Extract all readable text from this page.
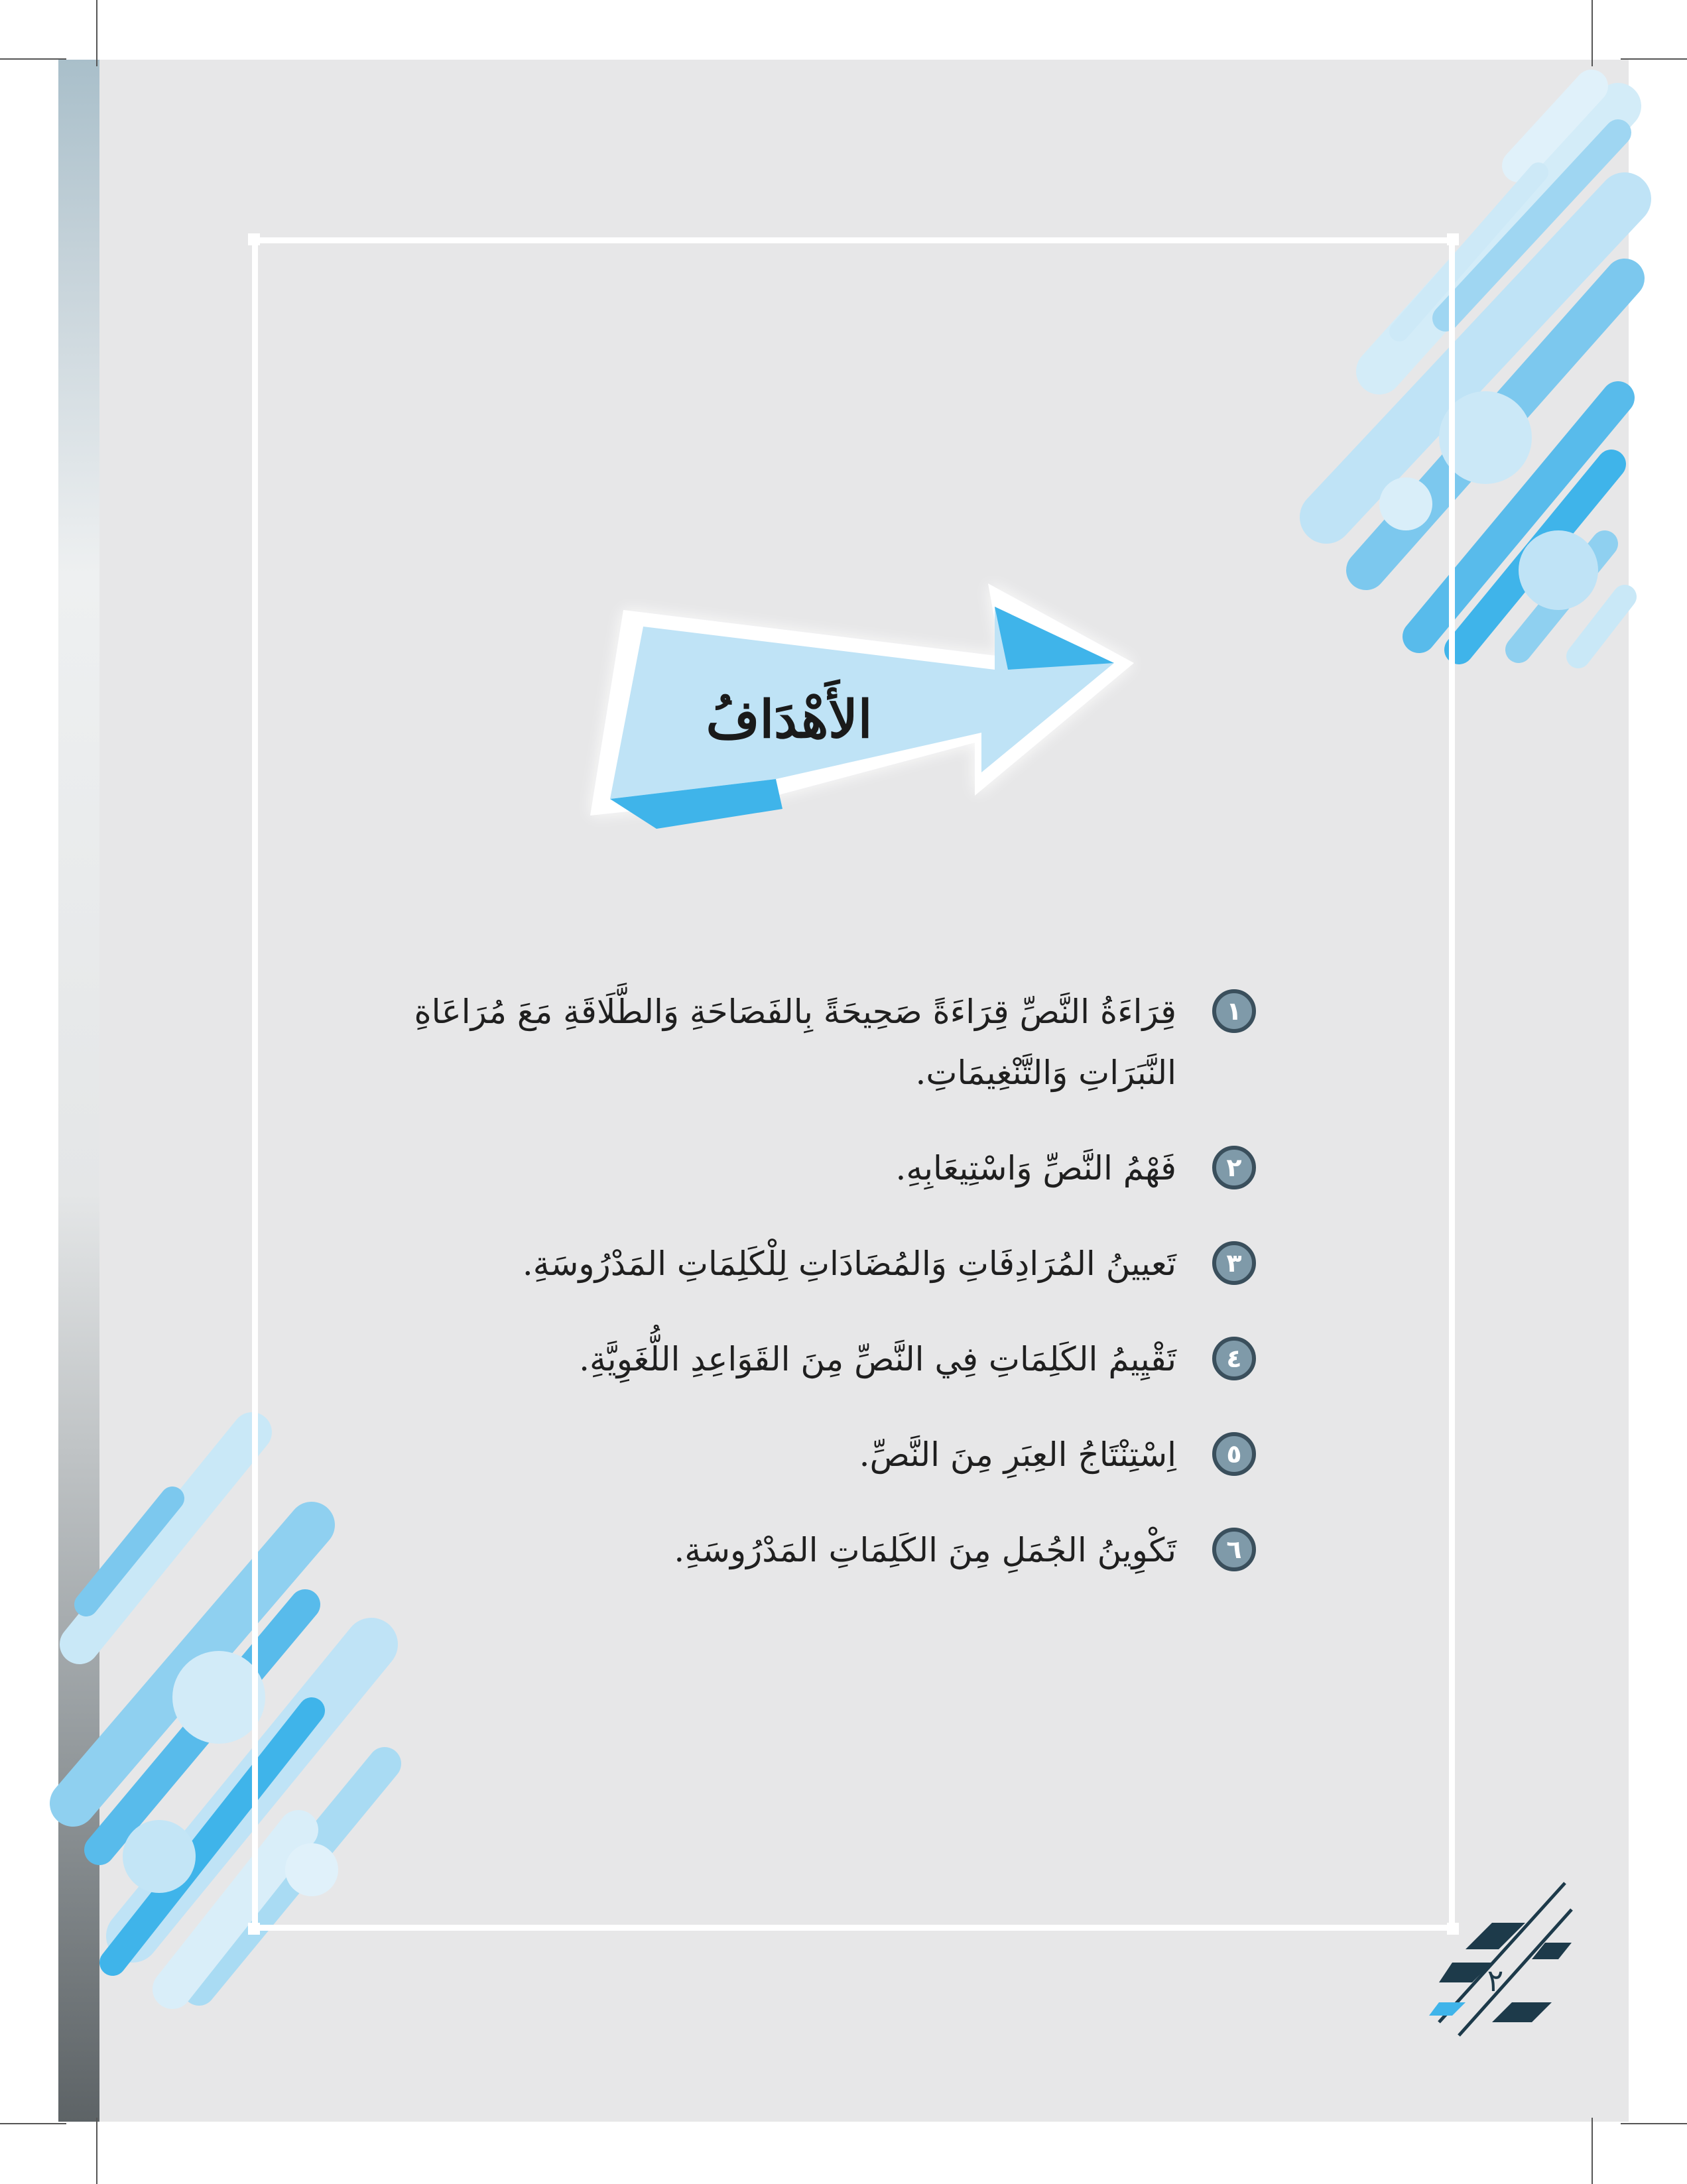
الأَهْدَافُ
١
قِرَاءَةُ النَّصِّ قِرَاءَةً صَحِيحَةً بِالفَصَاحَةِ وَالطَّلَاقَةِ مَعَ مُرَاعَاةِ النَّبَرَاتِ وَالتَّنْغِيمَاتِ.
٢
فَهْمُ النَّصِّ وَاسْتِيعَابِهِ.
٣
تَعيينُ المُرَادِفَاتِ وَالمُضَادَاتِ لِلْكَلِمَاتِ المَدْرُوسَةِ.
٤
تَقْيِيمُ الكَلِمَاتِ فِي النَّصِّ مِنَ القَوَاعِدِ اللُّغَوِيَّةِ.
٥
اِسْتِنْتَاجُ العِبَرِ مِنَ النَّصِّ.
٦
تَكْوِينُ الجُمَلِ مِنَ الكَلِمَاتِ المَدْرُوسَةِ.
٢
